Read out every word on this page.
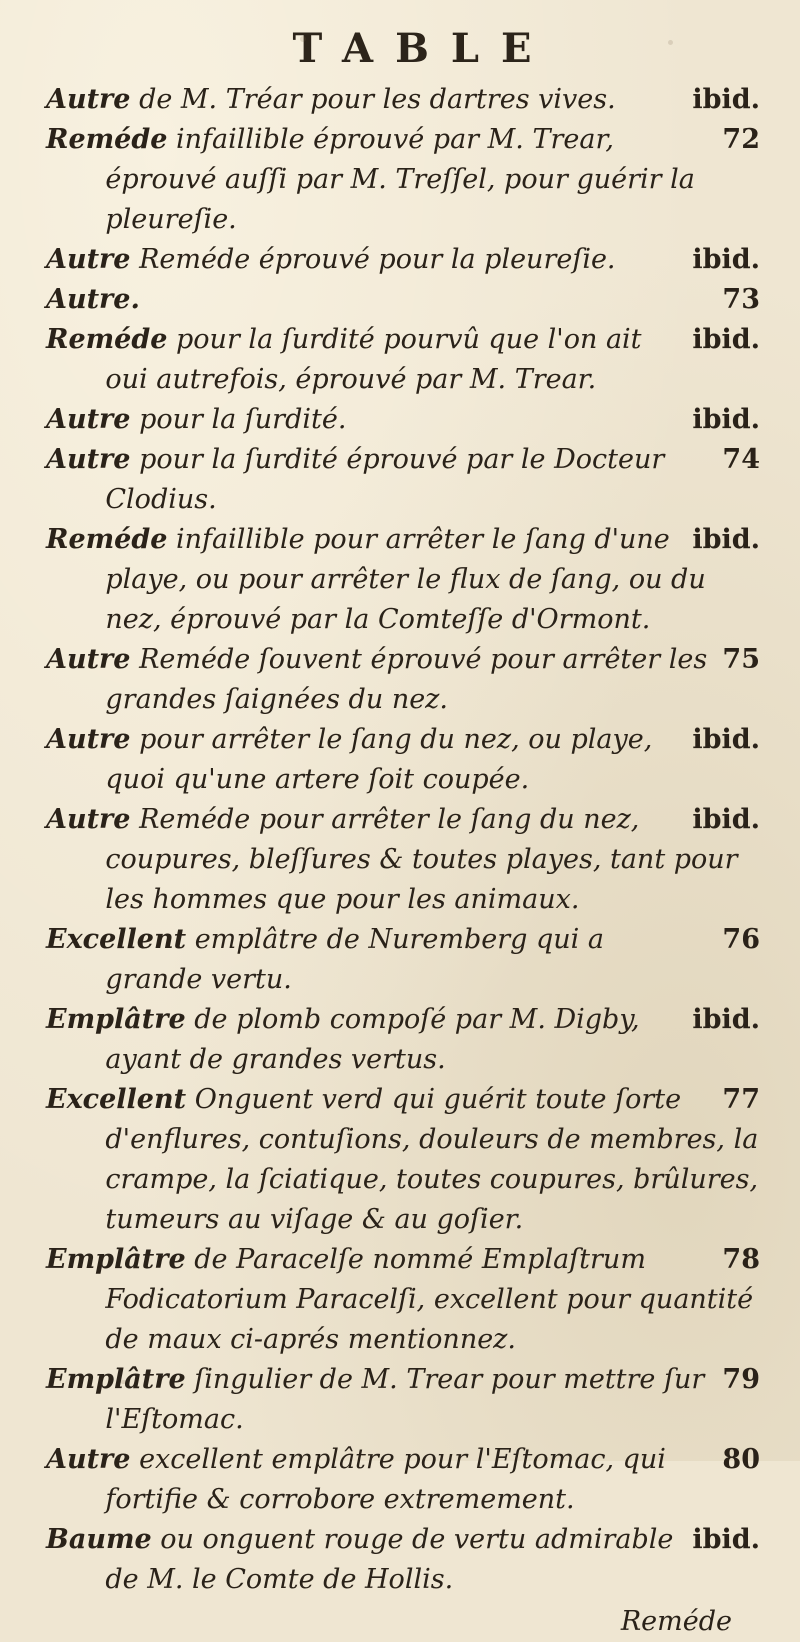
TABLE
ibid.
Autre de M. Tréar pour les dartres vives.
72
Reméde infaillible éprouvé par M. Trear, éprouvé auſſi par M. Treſſel, pour guérir la pleureſie.
ibid.
Autre Reméde éprouvé pour la pleureſie.
73
Autre.
ibid.
Reméde pour la ſurdité pourvû que l'on ait oui autrefois, éprouvé par M. Trear.
ibid.
Autre pour la ſurdité.
74
Autre pour la ſurdité éprouvé par le Docteur Clodius.
ibid.
Reméde infaillible pour arrêter le ſang d'une playe, ou pour arrêter le flux de ſang, ou du nez, éprouvé par la Comteſſe d'Ormont.
75
Autre Reméde ſouvent éprouvé pour arrêter les grandes ſaignées du nez.
ibid.
Autre pour arrêter le ſang du nez, ou playe, quoi qu'une artere ſoit coupée.
ibid.
Autre Reméde pour arrêter le ſang du nez, coupures, bleſſures & toutes playes, tant pour les hommes que pour les animaux.
76
Excellent emplâtre de Nuremberg qui a grande vertu.
ibid.
Emplâtre de plomb compoſé par M. Digby, ayant de grandes vertus.
77
Excellent Onguent verd qui guérit toute ſorte d'enflures, contuſions, douleurs de membres, la crampe, la ſciatique, toutes coupures, brûlures, tumeurs au viſage & au goſier.
78
Emplâtre de Paracelſe nommé Emplaſtrum Fodicatorium Paracelſi, excellent pour quantité de maux ci-aprés mentionnez.
79
Emplâtre ſingulier de M. Trear pour mettre ſur l'Eſtomac.
80
Autre excellent emplâtre pour l'Eſtomac, qui fortifie & corrobore extremement.
ibid.
Baume ou onguent rouge de vertu admirable de M. le Comte de Hollis.
Reméde
